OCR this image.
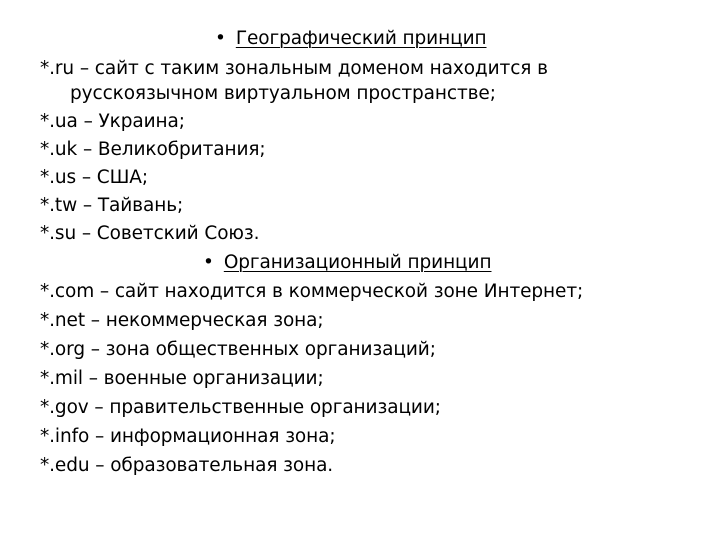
• Географический принцип
*.ru – сайт с таким зональным доменом находится в
русскоязычном виртуальном пространстве;
*.ua – Украина;
*.uk – Великобритания;
*.us – США;
*.tw – Тайвань;
*.su – Советский Союз.
• Организационный принцип
*.com – сайт находится в коммерческой зоне Интернет;
*.net – некоммерческая зона;
*.org – зона общественных организаций;
*.mil – военные организации;
*.gov – правительственные организации;
*.info – информационная зона;
*.edu – образовательная зона.
